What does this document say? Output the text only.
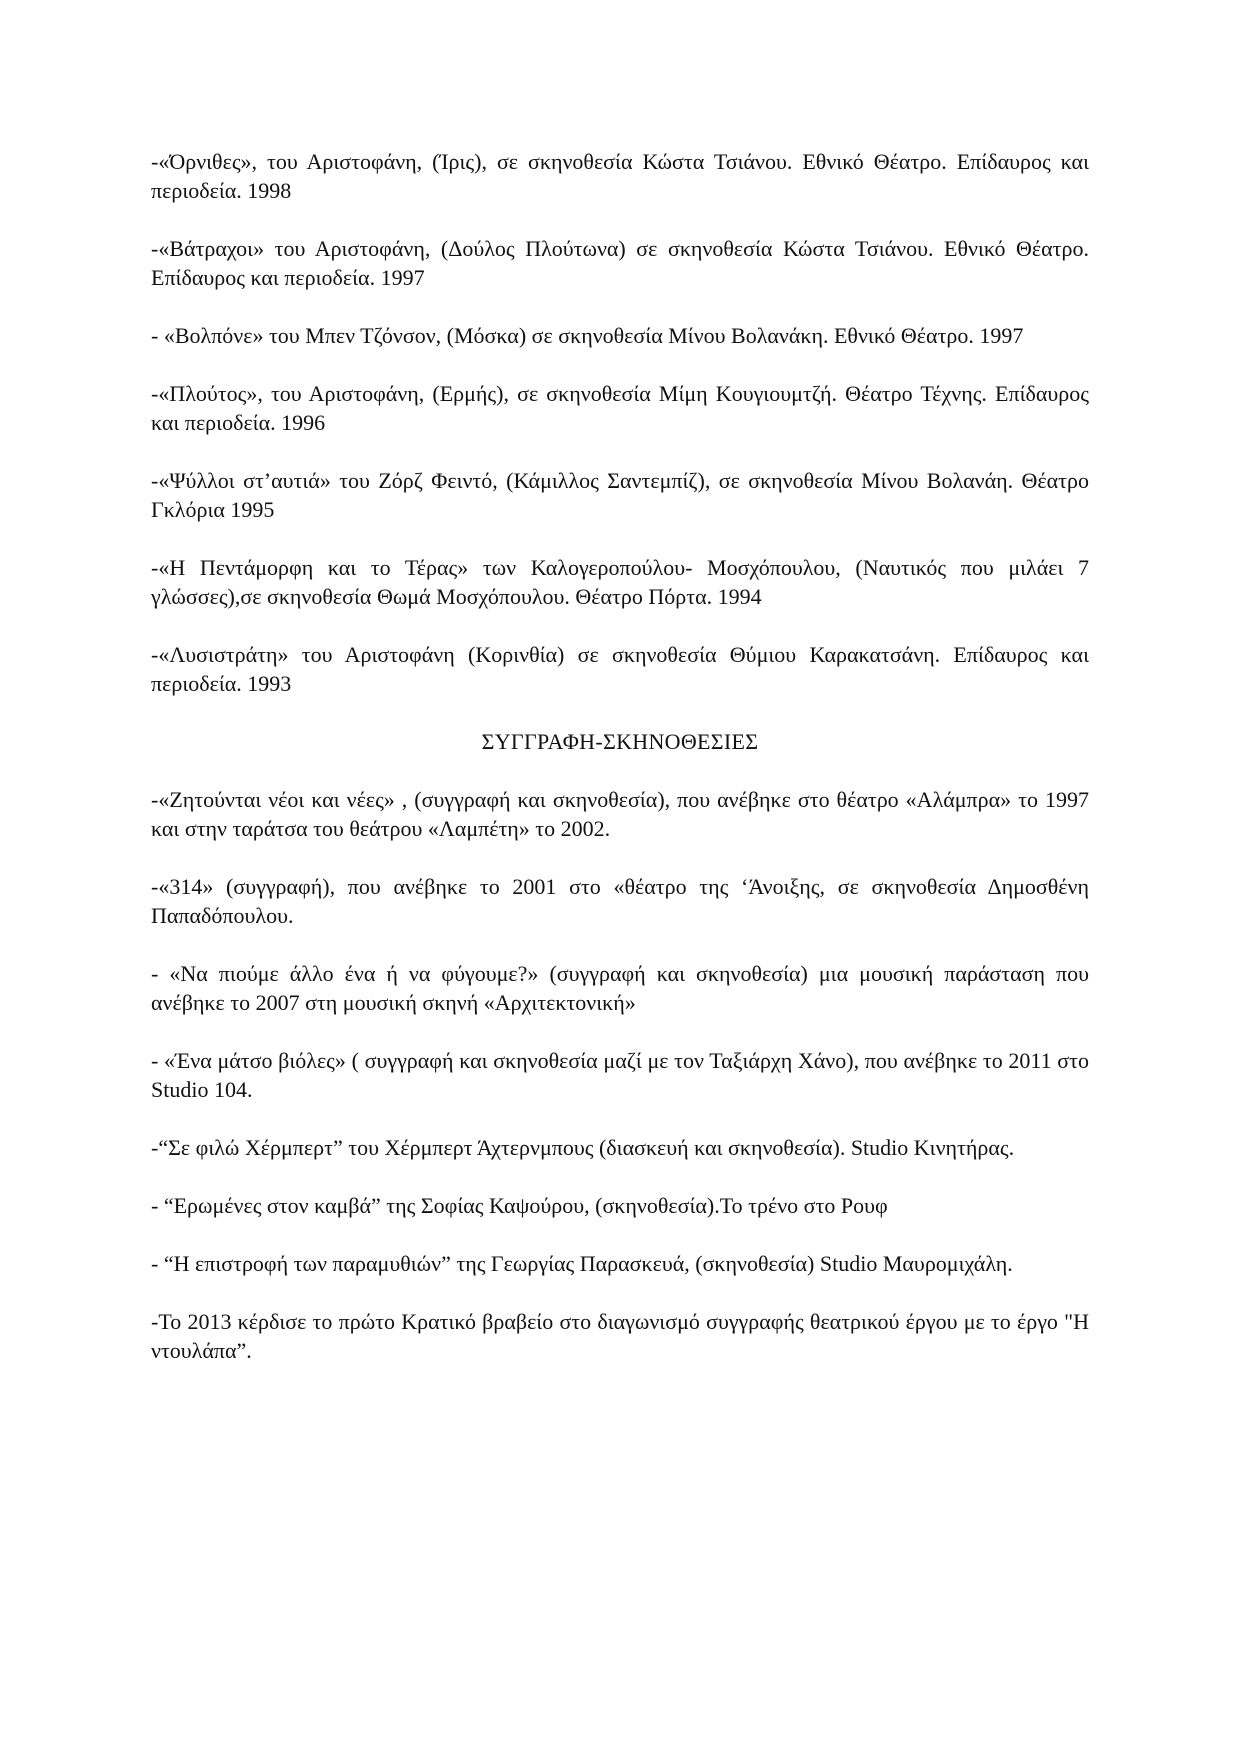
-«Όρνιθες», του Αριστοφάνη, (Ίρις), σε σκηνοθεσία Κώστα Τσιάνου. Εθνικό Θέατρο. Επίδαυρος και περιοδεία. 1998

-«Βάτραχοι» του Αριστοφάνη, (Δούλος Πλούτωνα) σε σκηνοθεσία Κώστα Τσιάνου. Εθνικό Θέατρο. Επίδαυρος και περιοδεία. 1997

- «Βολπόνε» του Μπεν Τζόνσον, (Μόσκα) σε σκηνοθεσία Μίνου Βολανάκη. Εθνικό Θέατρο. 1997

-«Πλούτος», του Αριστοφάνη, (Ερμής), σε σκηνοθεσία Μίμη Κουγιουμτζή. Θέατρο Τέχνης. Επίδαυρος και περιοδεία. 1996

-«Ψύλλοι στ’αυτιά» του Ζόρζ Φειντό, (Κάμιλλος Σαντεμπίζ), σε σκηνοθεσία Μίνου Βολανάη. Θέατρο Γκλόρια 1995

-«Η Πεντάμορφη και το Τέρας» των Καλογεροπούλου- Μοσχόπουλου, (Ναυτικός που μιλάει 7 γλώσσες),σε σκηνοθεσία Θωμά Μοσχόπουλου. Θέατρο Πόρτα. 1994

-«Λυσιστράτη» του Αριστοφάνη (Κορινθία) σε σκηνοθεσία Θύμιου Καρακατσάνη. Επίδαυρος και περιοδεία. 1993

ΣΥΓΓΡΑΦΗ-ΣΚΗΝΟΘΕΣΙΕΣ

-«Ζητούνται νέοι και νέες» , (συγγραφή και σκηνοθεσία), που ανέβηκε στο θέατρο «Αλάμπρα» το 1997 και στην ταράτσα του θεάτρου «Λαμπέτη» το 2002.

-«314» (συγγραφή), που ανέβηκε το 2001 στο «θέατρο της ‘Άνοιξης, σε σκηνοθεσία Δημοσθένη Παπαδόπουλου.

- «Να πιούμε άλλο ένα ή να φύγουμε?» (συγγραφή και σκηνοθεσία) μια μουσική παράσταση που ανέβηκε το 2007 στη μουσική σκηνή «Αρχιτεκτονική»

- «Ένα μάτσο βιόλες» ( συγγραφή και σκηνοθεσία μαζί με τον Ταξιάρχη Χάνο), που ανέβηκε το 2011 στο Studio 104.

-“Σε φιλώ Χέρμπερτ” του Χέρμπερτ Άχτερνμπους (διασκευή και σκηνοθεσία). Studio Κινητήρας.

- “Ερωμένες στον καμβά” της Σοφίας Καψούρου, (σκηνοθεσία).Το τρένο στο Ρουφ

- “Η επιστροφή των παραμυθιών” της Γεωργίας Παρασκευά, (σκηνοθεσία) Studio Μαυρομιχάλη.

-Το 2013 κέρδισε το πρώτο Κρατικό βραβείο στο διαγωνισμό συγγραφής θεατρικού έργου με το έργο "Η ντουλάπα”.
